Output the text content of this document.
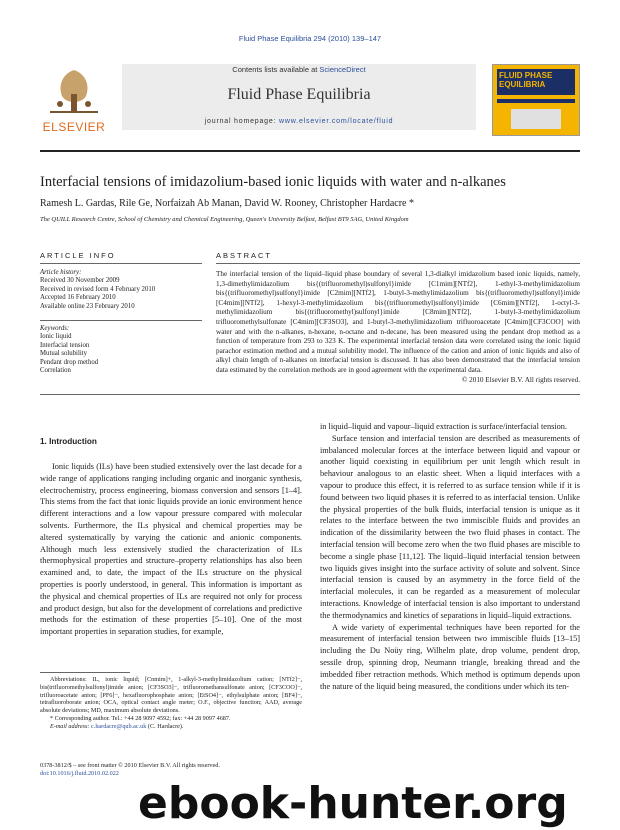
Fluid Phase Equilibria 294 (2010) 139–147
ELSEVIER
Contents lists available at ScienceDirect
Fluid Phase Equilibria
journal homepage: www.elsevier.com/locate/fluid
FLUID PHASE EQUILIBRIA
Interfacial tensions of imidazolium-based ionic liquids with water and n-alkanes
Ramesh L. Gardas, Rile Ge, Norfaizah Ab Manan, David W. Rooney, Christopher Hardacre *
The QUILL Research Centre, School of Chemistry and Chemical Engineering, Queen's University Belfast, Belfast BT9 5AG, United Kingdom
ARTICLE INFO
Article history:
Received 30 November 2009
Received in revised form 4 February 2010
Accepted 16 February 2010
Available online 23 February 2010
Keywords:
Ionic liquid
Interfacial tension
Mutual solubility
Pendant drop method
Correlation
ABSTRACT
The interfacial tension of the liquid–liquid phase boundary of several 1,3-dialkyl imidazolium based ionic liquids, namely, 1,3-dimethylimidazolium bis{(trifluoromethyl)sulfonyl}imide [C1mim][NTf2], 1-ethyl-3-methylimidazolium bis{(trifluoromethyl)sulfonyl}imide [C2mim][NTf2], 1-butyl-3-methylimidazolium bis{(trifluoromethyl)sulfonyl}imide [C4mim][NTf2], 1-hexyl-3-methylimidazolium bis{(trifluoromethyl)sulfonyl}imide [C6mim][NTf2], 1-octyl-3-methylimidazolium bis{(trifluoromethyl)sulfonyl}imide [C8mim][NTf2], 1-butyl-3-methylimidazolium trifluoromethylsulfonate [C4mim][CF3SO3], and 1-butyl-3-methylimidazolium trifluoroacetate [C4mim][CF3COO] with water and with the n-alkanes, n-hexane, n-octane and n-decane, has been measured using the pendant drop method as a function of temperature from 293 to 323 K. The experimental interfacial tension data were correlated using the ionic liquid parachor estimation method and a mutual solubility model. The influence of the cation and anion of ionic liquids and also of alkyl chain length of n-alkanes on interfacial tension is discussed. It has also been demonstrated that the interfacial tension data estimated by the correlation methods are in good agreement with the experimental data.
© 2010 Elsevier B.V. All rights reserved.
1. Introduction

Ionic liquids (ILs) have been studied extensively over the last decade for a wide range of applications ranging including organic and inorganic synthesis, electrochemistry, process engineering, biomass conversion and sensors [1–4]. This stems from the fact that ionic liquids provide an ionic environment hence different interactions and a low vapour pressure compared with molecular solvents. Furthermore, the ILs physical and chemical properties may be altered systematically by varying the cationic and anionic components. Although much less extensively studied the characterization of ILs thermophysical properties and structure–property relationships has also been examined and, to date, the impact of the ILs structure on the physical properties is poorly understood, in general. This information is important as the physical and chemical properties of ILs are required not only for process and product design, but also for the development of correlations and predictive methods for the estimation of these properties [5–10]. One of the most important properties in separation studies, for example,

in liquid–liquid and vapour–liquid extraction is surface/interfacial tension.

Surface tension and interfacial tension are described as measurements of imbalanced molecular forces at the interface between liquid and vapour or another liquid coexisting in equilibrium per unit length which result in behaviour analogous to an elastic sheet. When a liquid interfaces with a vapour to produce this effect, it is referred to as surface tension while if it is found between two liquid phases it is referred to as interfacial tension. Unlike the physical properties of the bulk fluids, interfacial tension is unique as it relates to the interface between the two immiscible fluids and provides an indication of the dissimilarity between the two fluid phases in contact. The interfacial tension will become zero when the two fluid phases are miscible to become a single phase [11,12]. The liquid–liquid interfacial tension between two liquids gives insight into the surface activity of solute and solvent. Since interfacial tension is caused by an asymmetry in the force field of the interfacial molecules, it can be regarded as a measurement of molecular interactions. Knowledge of interfacial tension is also important to understand the thermodynamics and kinetics of separations in liquid–liquid extractions.

A wide variety of experimental techniques have been reported for the measurement of interfacial tension between two immiscible fluids [13–15] including the Du Noüy ring, Wilhelm plate, drop volume, pendent drop, sessile drop, spinning drop, Neumann triangle, breaking thread and the imbedded fiber retraction methods. Which method is optimum depends upon the nature of the liquid being measured, the conditions under which its ten-

Abbreviations: IL, ionic liquid; [Cnmim]+, 1-alkyl-3-methylimidazolium cation; [NTf2]−, bis(trifluoromethylsulfonyl)imide anion; [CF3SO3]−, trifluoromethansulfonate anion; [CF3COO]−, trifluoroacetate anion; [PF6]−, hexafluorophosphate anion; [EtSO4]−, ethylsulphate anion; [BF4]−, tetrafluoroborate anion; OCA, optical contact angle meter; O.F., objective function; AAD, average absolute deviations; MD, maximum absolute deviations.
* Corresponding author. Tel.: +44 28 9097 4592; fax: +44 28 9097 4687.
E-mail address: c.hardacre@qub.ac.uk (C. Hardacre).
0378-3812/$ – see front matter © 2010 Elsevier B.V. All rights reserved.
doi:10.1016/j.fluid.2010.02.022
ebook-hunter.org
